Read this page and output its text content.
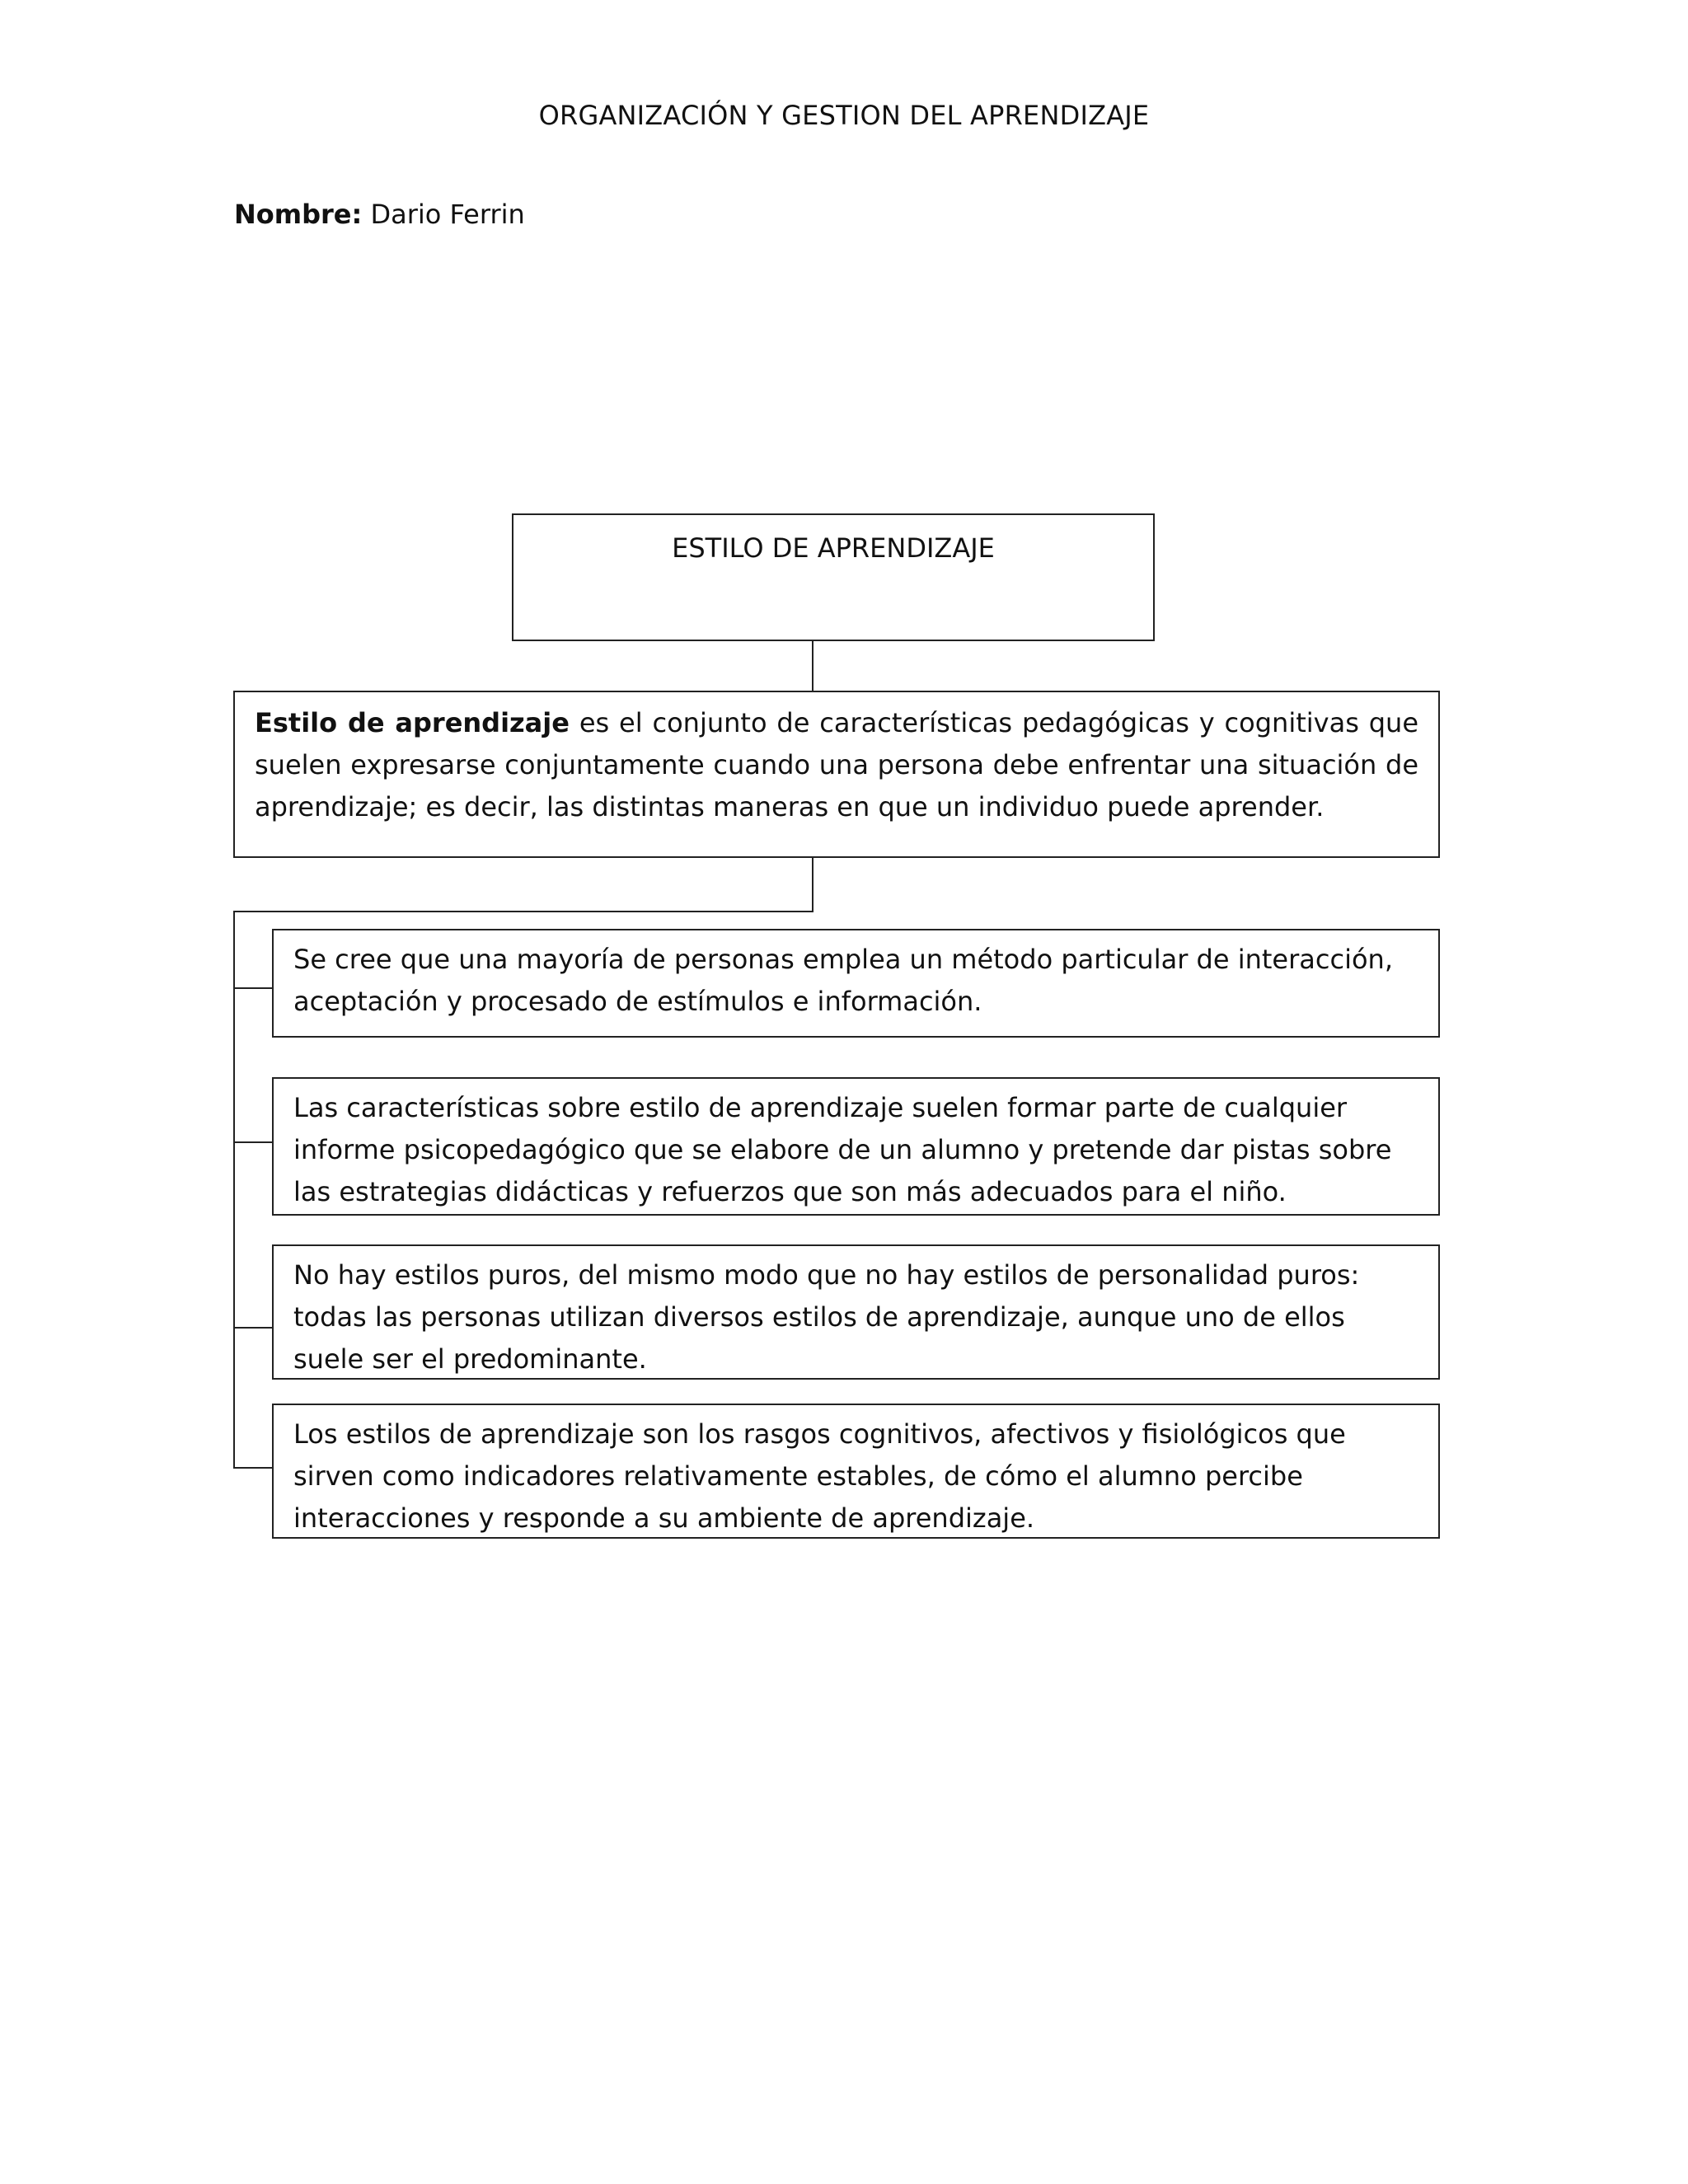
ORGANIZACIÓN Y GESTION DEL APRENDIZAJE
Nombre: Dario Ferrin
ESTILO DE APRENDIZAJE
Estilo de aprendizaje es el conjunto de características pedagógicas y cognitivas que suelen expresarse conjuntamente cuando una persona debe enfrentar una situación de aprendizaje; es decir, las distintas maneras en que un individuo puede aprender.
Se cree que una mayoría de personas emplea un método particular de interacción, aceptación y procesado de estímulos e información.
Las características sobre estilo de aprendizaje suelen formar parte de cualquier informe psicopedagógico que se elabore de un alumno y pretende dar pistas sobre las estrategias didácticas y refuerzos que son más adecuados para el niño.
No hay estilos puros, del mismo modo que no hay estilos de personalidad puros: todas las personas utilizan diversos estilos de aprendizaje, aunque uno de ellos suele ser el predominante.
Los estilos de aprendizaje son los rasgos cognitivos, afectivos y fisiológicos que sirven como indicadores relativamente estables, de cómo el alumno percibe interacciones y responde a su ambiente de aprendizaje.
